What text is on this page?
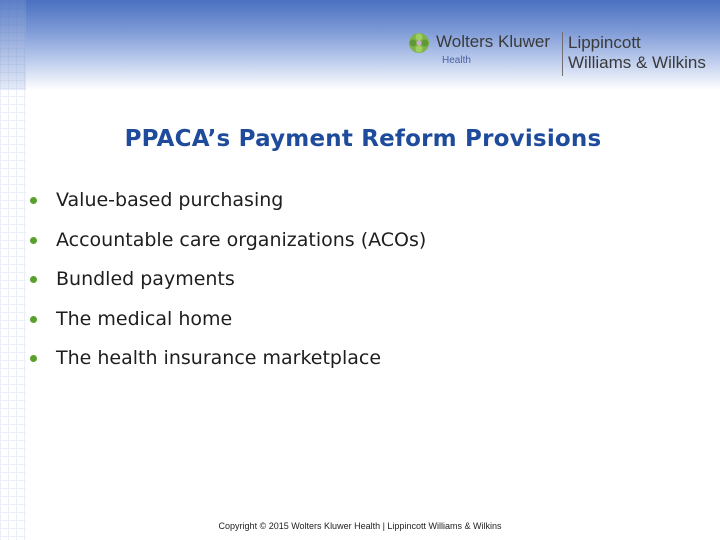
Wolters Kluwer
Health
Lippincott
Williams & Wilkins
PPACA’s Payment Reform Provisions
Value-based purchasing
Accountable care organizations (ACOs)
Bundled payments
The medical home
The health insurance marketplace
Copyright © 2015 Wolters Kluwer Health | Lippincott Williams & Wilkins
